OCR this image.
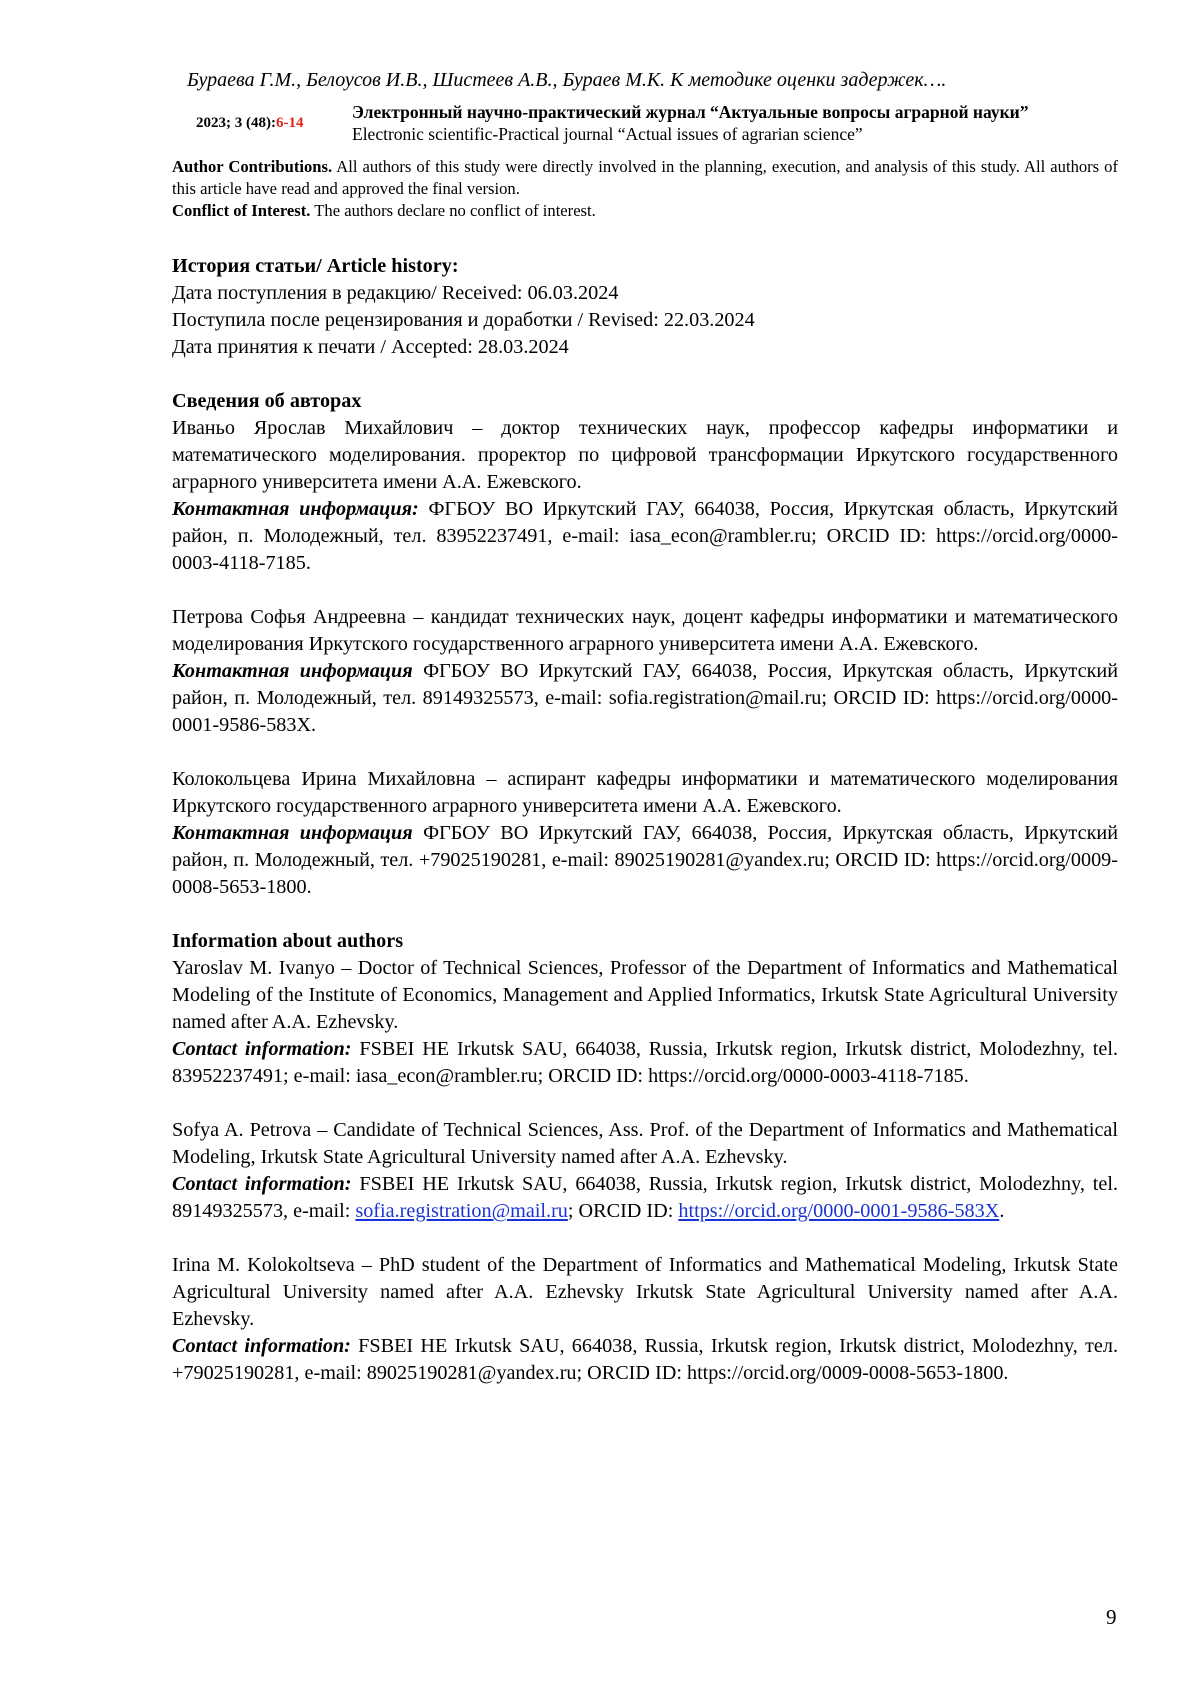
Бураева Г.М., Белоусов И.В., Шистеев А.В., Бураев М.К. К методике оценки задержек….
2023; 3 (48):6-14
Электронный научно-практический журнал “Актуальные вопросы аграрной науки”
Electronic scientific-Practical journal “Actual issues of agrarian science”

Author Contributions. All authors of this study were directly involved in the planning, execution, and analysis of this study. All authors of this article have read and approved the final version.

Conflict of Interest. The authors declare no conflict of interest.

История статьи/ Article history:

Дата поступления в редакцию/ Received: 06.03.2024

Поступила после рецензирования и доработки / Revised: 22.03.2024

Дата принятия к печати / Accepted: 28.03.2024

Сведения об авторах

Иваньо Ярослав Михайлович – доктор технических наук, профессор кафедры информатики и математического моделирования. проректор по цифровой трансформации Иркутского государственного аграрного университета имени А.А. Ежевского.

Контактная информация: ФГБОУ ВО Иркутский ГАУ, 664038, Россия, Иркутская область, Иркутский район, п. Молодежный, тел. 83952237491, e-mail: iasa_econ@rambler.ru; ORCID ID: https://orcid.org/0000-0003-4118-7185.

Петрова Софья Андреевна – кандидат технических наук, доцент кафедры информатики и математического моделирования Иркутского государственного аграрного университета имени А.А. Ежевского.

Контактная информация ФГБОУ ВО Иркутский ГАУ, 664038, Россия, Иркутская область, Иркутский район, п. Молодежный, тел. 89149325573, e-mail: sofia.registration@mail.ru; ORCID ID: https://orcid.org/0000-0001-9586-583X.

Колокольцева Ирина Михайловна – аспирант кафедры информатики и математического моделирования Иркутского государственного аграрного университета имени А.А. Ежевского.

Контактная информация ФГБОУ ВО Иркутский ГАУ, 664038, Россия, Иркутская область, Иркутский район, п. Молодежный, тел. +79025190281, e-mail: 89025190281@yandex.ru; ORCID ID: https://orcid.org/0009-0008-5653-1800.

Information about authors

Yaroslav M. Ivanyo – Doctor of Technical Sciences, Professor of the Department of Informatics and Mathematical Modeling of the Institute of Economics, Management and Applied Informatics, Irkutsk State Agricultural University named after A.A. Ezhevsky.

Contact information: FSBEI HE Irkutsk SAU, 664038, Russia, Irkutsk region, Irkutsk district, Molodezhny, tel. 83952237491; e-mail: iasa_econ@rambler.ru; ORCID ID: https://orcid.org/0000-0003-4118-7185.

Sofya A. Petrova – Candidate of Technical Sciences, Ass. Prof. of the Department of Informatics and Mathematical Modeling, Irkutsk State Agricultural University named after A.A. Ezhevsky.

Contact information: FSBEI HE Irkutsk SAU, 664038, Russia, Irkutsk region, Irkutsk district, Molodezhny, tel. 89149325573, e-mail: sofia.registration@mail.ru; ORCID ID: https://orcid.org/0000-0001-9586-583X.

Irina M. Kolokoltseva – PhD student of the Department of Informatics and Mathematical Modeling, Irkutsk State Agricultural University named after A.A. Ezhevsky Irkutsk State Agricultural University named after A.A. Ezhevsky.

Contact information: FSBEI HE Irkutsk SAU, 664038, Russia, Irkutsk region, Irkutsk district, Molodezhny, тел. +79025190281, e-mail: 89025190281@yandex.ru; ORCID ID: https://orcid.org/0009-0008-5653-1800.

9
